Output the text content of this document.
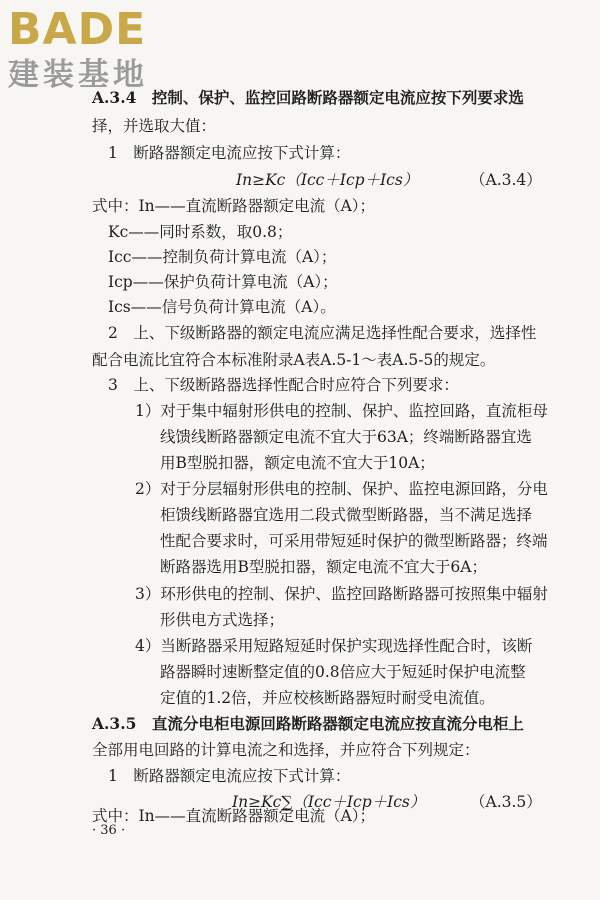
BADE
建装基地
A.3.4　控制、保护、监控回路断路器额定电流应按下列要求选
择，并选取大值：
1　断路器额定电流应按下式计算：
In≥Kc（Icc＋Icp＋Ics）	（A.3.4）
式中：In——直流断路器额定电流（A）；
Kc——同时系数，取0.8；
Icc——控制负荷计算电流（A）；
Icp——保护负荷计算电流（A）；
Ics——信号负荷计算电流（A）。
2　上、下级断路器的额定电流应满足选择性配合要求，选择性
配合电流比宜符合本标准附录A表A.5-1～表A.5-5的规定。
3　上、下级断路器选择性配合时应符合下列要求：
1）对于集中辐射形供电的控制、保护、监控回路，直流柜母
线馈线断路器额定电流不宜大于63A；终端断路器宜选
用B型脱扣器，额定电流不宜大于10A；
2）对于分层辐射形供电的控制、保护、监控电源回路，分电
柜馈线断路器宜选用二段式微型断路器，当不满足选择
性配合要求时，可采用带短延时保护的微型断路器；终端
断路器选用B型脱扣器，额定电流不宜大于6A；
3）环形供电的控制、保护、监控回路断路器可按照集中辐射
形供电方式选择；
4）当断路器采用短路短延时保护实现选择性配合时，该断
路器瞬时速断整定值的0.8倍应大于短延时保护电流整
定值的1.2倍，并应校核断路器短时耐受电流值。
A.3.5　直流分电柜电源回路断路器额定电流应按直流分电柜上
全部用电回路的计算电流之和选择，并应符合下列规定：
1　断路器额定电流应按下式计算：
In≥Kc∑（Icc＋Icp＋Ics）	（A.3.5）
式中：In——直流断路器额定电流（A）；
· 36 ·
